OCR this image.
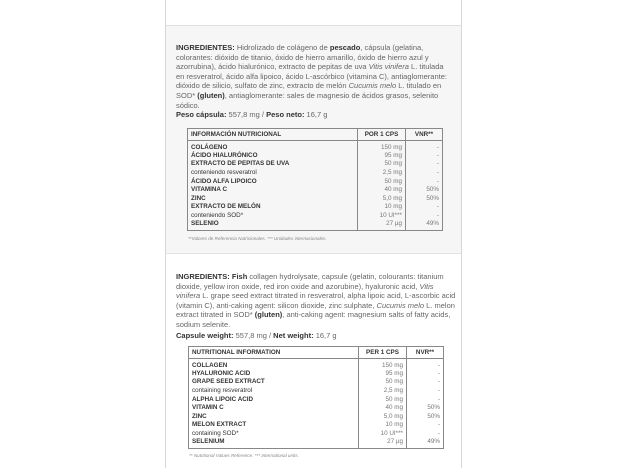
INGREDIENTES: Hidrolizado de colágeno de pescado, cápsula (gelatina, colorantes: dióxido de titanio, óxido de hierro amarillo, óxido de hierro azul y azorrubina), ácido hialurónico, extracto de pepitas de uva Vitis vinifera L. titulada en resveratrol, ácido alfa lipoico, ácido L-ascórbico (vitamina C), antiaglomerante: dióxido de silicio, sulfato de zinc, extracto de melón Cucumis melo L. titulado en SOD* (gluten), antiaglomerante: sales de magnesio de ácidos grasos, selenito sódico.

Peso cápsula: 557,8 mg / Peso neto: 16,7 g

INFORMACIÓN NUTRICIONAL	POR 1 CPS	VNR**
COLÁGENO	150 mg	-
ÁCIDO HIALURÓNICO	95 mg	-
EXTRACTO DE PEPITAS DE UVA	50 mg	-
conteniendo resveratrol	2,5 mg	-
ÁCIDO ALFA LIPOICO	50 mg	-
VITAMINA C	40 mg	50%
ZINC	5,0 mg	50%
EXTRACTO DE MELÓN	10 mg	-
conteniendo SOD*	10 UI***	-
SELENIO	27 µg	49%

**Valores de Referencia Nutricionales. *** Unidades internacionales.

INGREDIENTS: Fish collagen hydrolysate, capsule (gelatin, colourants: titanium dioxide, yellow iron oxide, red iron oxide and azorubine), hyaluronic acid, Vitis vinifera L. grape seed extract titrated in resveratrol, alpha lipoic acid, L-ascorbic acid (vitamin C), anti-caking agent: silicon dioxide, zinc sulphate, Cucumis melo L. melon extract titrated in SOD* (gluten), anti-caking agent: magnesium salts of fatty acids, sodium selenite.

Capsule weight: 557,8 mg / Net weight: 16,7 g

NUTRITIONAL INFORMATION	PER 1 CPS	NVR**
COLLAGEN	150 mg	-
HYALURONIC ACID	95 mg	-
GRAPE SEED EXTRACT	50 mg	-
containing resveratrol	2,5 mg	-
ALPHA LIPOIC ACID	50 mg	-
VITAMIN C	40 mg	50%
ZINC	5,0 mg	50%
MELON EXTRACT	10 mg	-
containing SOD*	10 UI***	-
SELENIUM	27 µg	49%

** Nutritional Values Reference. *** International units.
